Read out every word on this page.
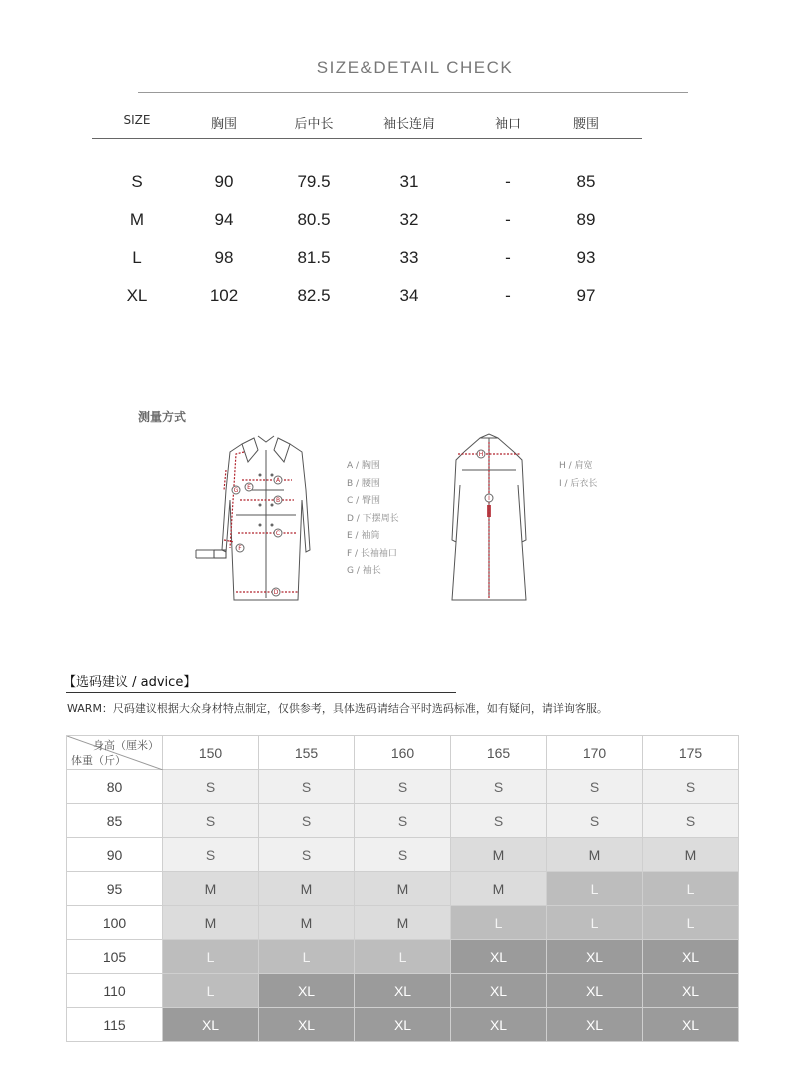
SIZE&DETAIL CHECK
SIZE	胸围	后中长	袖长连肩	袖口	腰围
S	90	79.5	31	-	85
M	94	80.5	32	-	89
L	98	81.5	33	-	93
XL	102	82.5	34	-	97
测量方式
A
B
C
D
E
F
G
A / 胸围
B / 腰围
C / 臀围
D / 下摆周长
E / 袖筒
F / 长袖袖口
G / 袖长
H
I
H / 肩宽
I / 后衣长
【选码建议 / advice】
WARM：尺码建议根据大众身材特点制定，仅供参考，具体选码请结合平时选码标准，如有疑问，请详询客服。
身高（厘米）
体重（斤）	150	155	160	165	170	175
80	S	S	S	S	S	S
85	S	S	S	S	S	S
90	S	S	S	M	M	M
95	M	M	M	M	L	L
100	M	M	M	L	L	L
105	L	L	L	XL	XL	XL
110	L	XL	XL	XL	XL	XL
115	XL	XL	XL	XL	XL	XL
